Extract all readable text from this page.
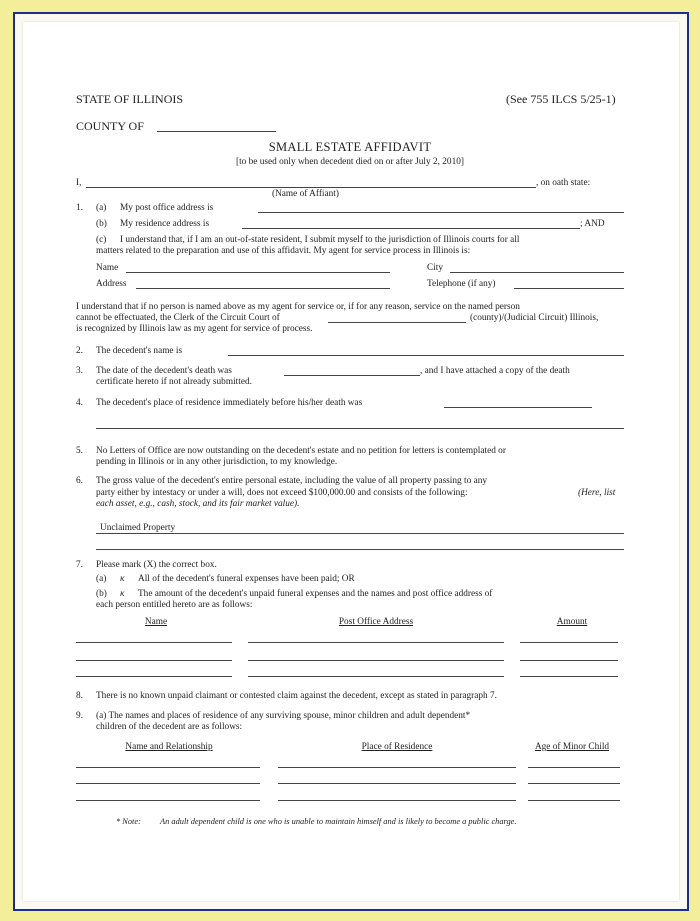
STATE OF ILLINOIS	(See 755 ILCS 5/25-1)
COUNTY OF
SMALL ESTATE AFFIDAVIT
[to be used only when decedent died on or after July 2, 2010]
I,	, on oath state:
(Name of Affiant)
1. (a) My post office address is
(b) My residence address is	; AND
(c) I understand that, if I am an out-of-state resident, I submit myself to the jurisdiction of Illinois courts for all
matters related to the preparation and use of this affidavit. My agent for service process in Illinois is:
Name	City
Address	Telephone (if any)
I understand that if no person is named above as my agent for service or, if for any reason, service on the named person
cannot be effectuated, the Clerk of the Circuit Court of	(county)/(Judicial Circuit) Illinois,
is recognized by Illinois law as my agent for service of process.
2. The decedent's name is
3. The date of the decedent's death was	, and I have attached a copy of the death
certificate hereto if not already submitted.
4. The decedent's place of residence immediately before his/her death was
5. No Letters of Office are now outstanding on the decedent's estate and no petition for letters is contemplated or
pending in Illinois or in any other jurisdiction, to my knowledge.
6. The gross value of the decedent's entire personal estate, including the value of all property passing to any
party either by intestacy or under a will, does not exceed $100,000.00 and consists of the following:	(Here, list
each asset, e.g., cash, stock, and its fair market value).
Unclaimed Property
7. Please mark (X) the correct box.
(a) κ All of the decedent's funeral expenses have been paid; OR
(b) κ The amount of the decedent's unpaid funeral expenses and the names and post office address of
each person entitled hereto are as follows:
Name	Post Office Address	Amount
8. There is no known unpaid claimant or contested claim against the decedent, except as stated in paragraph 7.
9. (a) The names and places of residence of any surviving spouse, minor children and adult dependent*
children of the decedent are as follows:
Name and Relationship	Place of Residence	Age of Minor Child
* Note: An adult dependent child is one who is unable to maintain himself and is likely to become a public charge.
